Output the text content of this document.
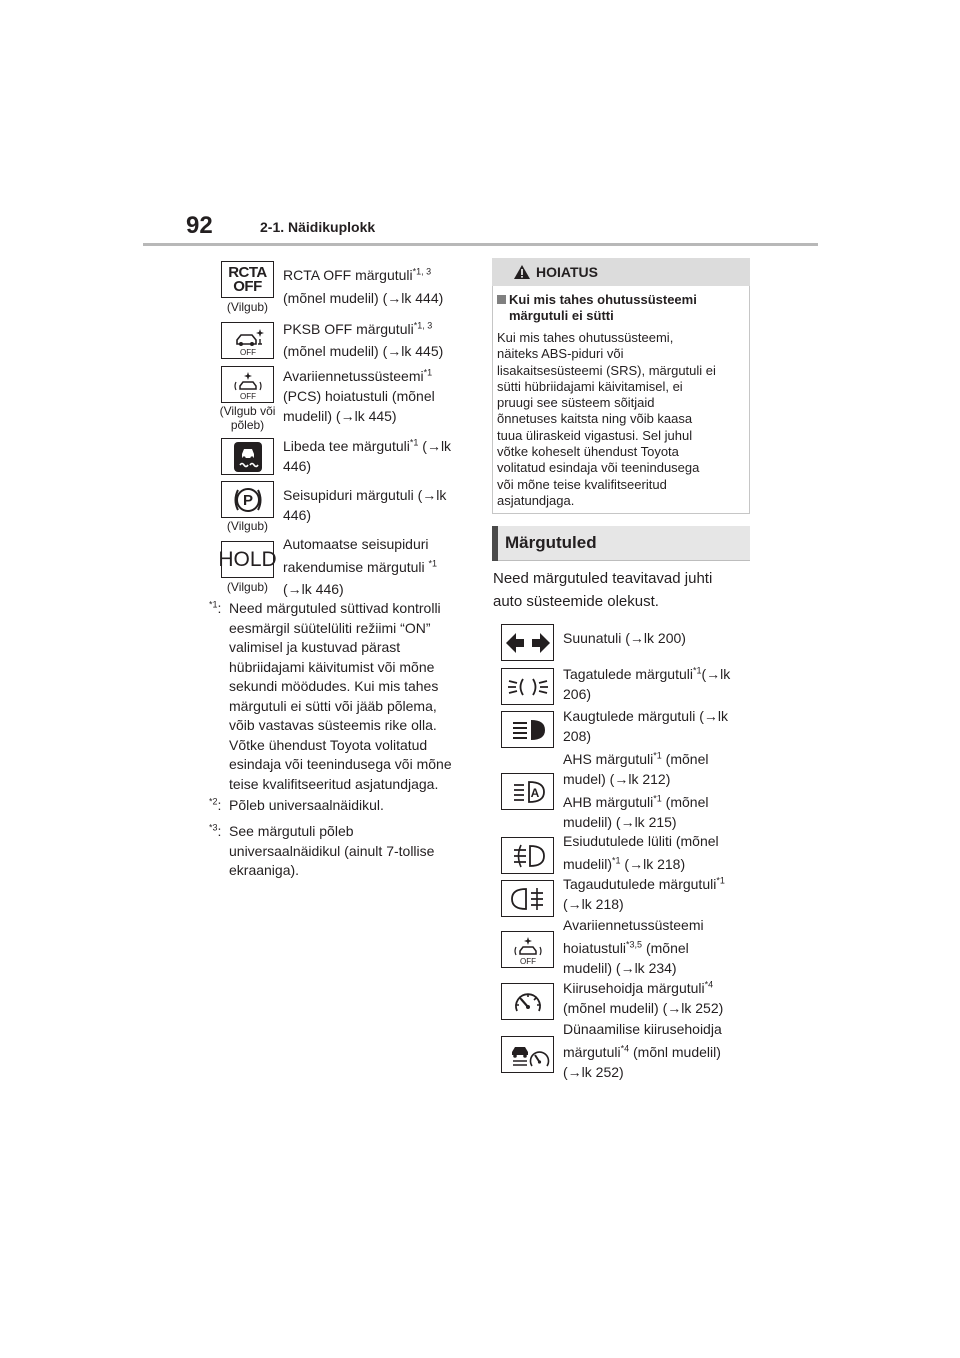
92	2-1. Näidikuplokk
RCTA
OFF
(Vilgub)
RCTA OFF märgutuli$^{*1, 3}$
(mõnel mudelil) (→lk 444)
OFF
PKSB OFF märgutuli$^{*1, 3}$
(mõnel mudelil) (→lk 445)
OFF
(Vilgub või
põleb)
Avariiennetussüsteemi$^{*1}$
(PCS) hoiatustuli (mõnel
mudelil) (→lk 445)
Libeda tee märgutuli$^{*1}$ (→lk
446)
P
(Vilgub)
Seisupiduri märgutuli (→lk
446)
HOLD
(Vilgub)
Automaatse seisupiduri
rakendumise märgutuli $^{*1}$
(→lk 446)
$^{*1}$: Need märgutuled süttivad kontrolli
eesmärgil süütelüliti režiimi “ON”
valimisel ja kustuvad pärast
hübriidajami käivitumist või mõne
sekundi möödudes. Kui mis tahes
märgutuli ei sütti või jääb põlema,
võib vastavas süsteemis rike olla.
Võtke ühendust Toyota volitatud
esindaja või teenindusega või mõne
teise kvalifitseeritud asjatundjaga.
$^{*2}$: Põleb universaalnäidikul.
$^{*3}$: See märgutuli põleb
universaalnäidikul (ainult 7-tollise
ekraaniga).
HOIATUS
Kui mis tahes ohutussüsteemi
märgutuli ei sütti
Kui mis tahes ohutussüsteemi,
näiteks ABS-piduri või
lisakaitsesüsteemi (SRS), märgutuli ei
sütti hübriidajami käivitamisel, ei
pruugi see süsteem sõitjaid
õnnetuses kaitsta ning võib kaasa
tuua üliraskeid vigastusi. Sel juhul
võtke koheselt ühendust Toyota
volitatud esindaja või teenindusega
või mõne teise kvalifitseeritud
asjatundjaga.
Märgutuled
Need märgutuled teavitavad juhti
auto süsteemide olekust.
Suunatuli (→lk 200)
Tagatulede märgutuli$^{*1}$(→lk
206)
Kaugtulede märgutuli (→lk
208)
A
AHS märgutuli$^{*1}$ (mõnel
mudel) (→lk 212)
AHB märgutuli$^{*1}$ (mõnel
mudelil) (→lk 215)
Esiudutulede lüliti (mõnel
mudelil)$^{*1}$ (→lk 218)
Tagaudutulede märgutuli$^{*1}$
(→lk 218)
OFF
Avariiennetussüsteemi
hoiatustuli$^{*3,5}$ (mõnel
mudelil) (→lk 234)
Kiirusehoidja märgutuli$^{*4}$
(mõnel mudelil) (→lk 252)
Dünaamilise kiirusehoidja
märgutuli$^{*4}$ (mõnl mudelil)
(→lk 252)
